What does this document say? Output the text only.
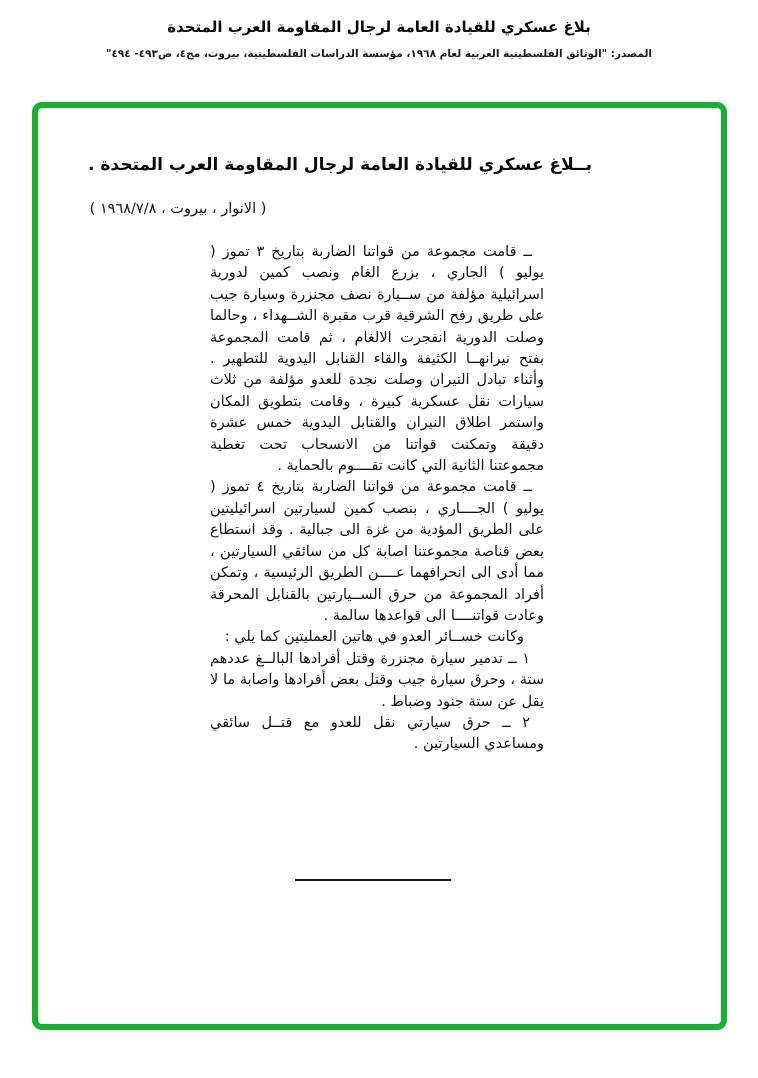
بلاغ عسكري للقيادة العامة لرجال المقاومة العرب المتحدة
المصدر: "الوثائق الفلسطينية العربية لعام ١٩٦٨، مؤسسة الدراسات الفلسطينية، بيروت، مج٤، ص٤٩٣- ٤٩٤"
بــلاغ عسكري للقيادة العامة لرجال المقاومة العرب المتحدة .
( الانوار ، بيروت ، ١٩٦٨/٧/٨ )

ــ قامت مجموعة من قواتنا الضاربة بتاريخ ٣ تموز ( يوليو ) الجاري ، بزرع الغام ونصب كمين لدورية اسرائيلية مؤلفة من ســيارة نصف مجنزرة وسيارة جيب على طريق رفح الشرقية قرب مقبرة الشــهداء ، وحالما وصلت الدورية انفجرت الالغام ، ثم قامت المجموعة بفتح نيرانهــا الكثيفة والقاء القنابل اليدوية للتطهير . وأثناء تبادل النيران وصلت نجدة للعدو مؤلفة من ثلاث سيارات نقل عسكرية كبيرة ، وقامت بتطويق المكان واستمر اطلاق النيران والقنابل اليدوية خمس عشرة دقيقة وتمكنت قواتنا من الانسحاب تحت تغطية مجموعتنا الثانية التي كانت تقــــوم بالحماية .

ــ قامت مجموعة من قواتنا الضاربة بتاريخ ٤ تموز ( يوليو ) الجــــاري ، بنصب كمين لسيارتين اسرائيليتين على الطريق المؤدية من غزة الى جبالية . وقد استطاع بعض قناصة مجموعتنا اصابة كل من سائقي السيارتين ، مما أدى الى انحرافهما عــــن الطريق الرئيسية ، وتمكن أفراد المجموعة من حرق الســيارتين بالقنابل المحرقة وعادت قواتنــــا الى قواعدها سالمة .

وكانت خســائر العدو في هاتين العمليتين كما يلي :

١ ــ تدمير سيارة مجنزرة وقتل أفرادها البالــغ عددهم ستة ، وحرق سيارة جيب وقتل بعض أفرادها واصابة ما لا يقل عن ستة جنود وضباط .

٢ ــ حرق سيارتي نقل للعدو مع قتــل سائقي ومساعدي السيارتين .
